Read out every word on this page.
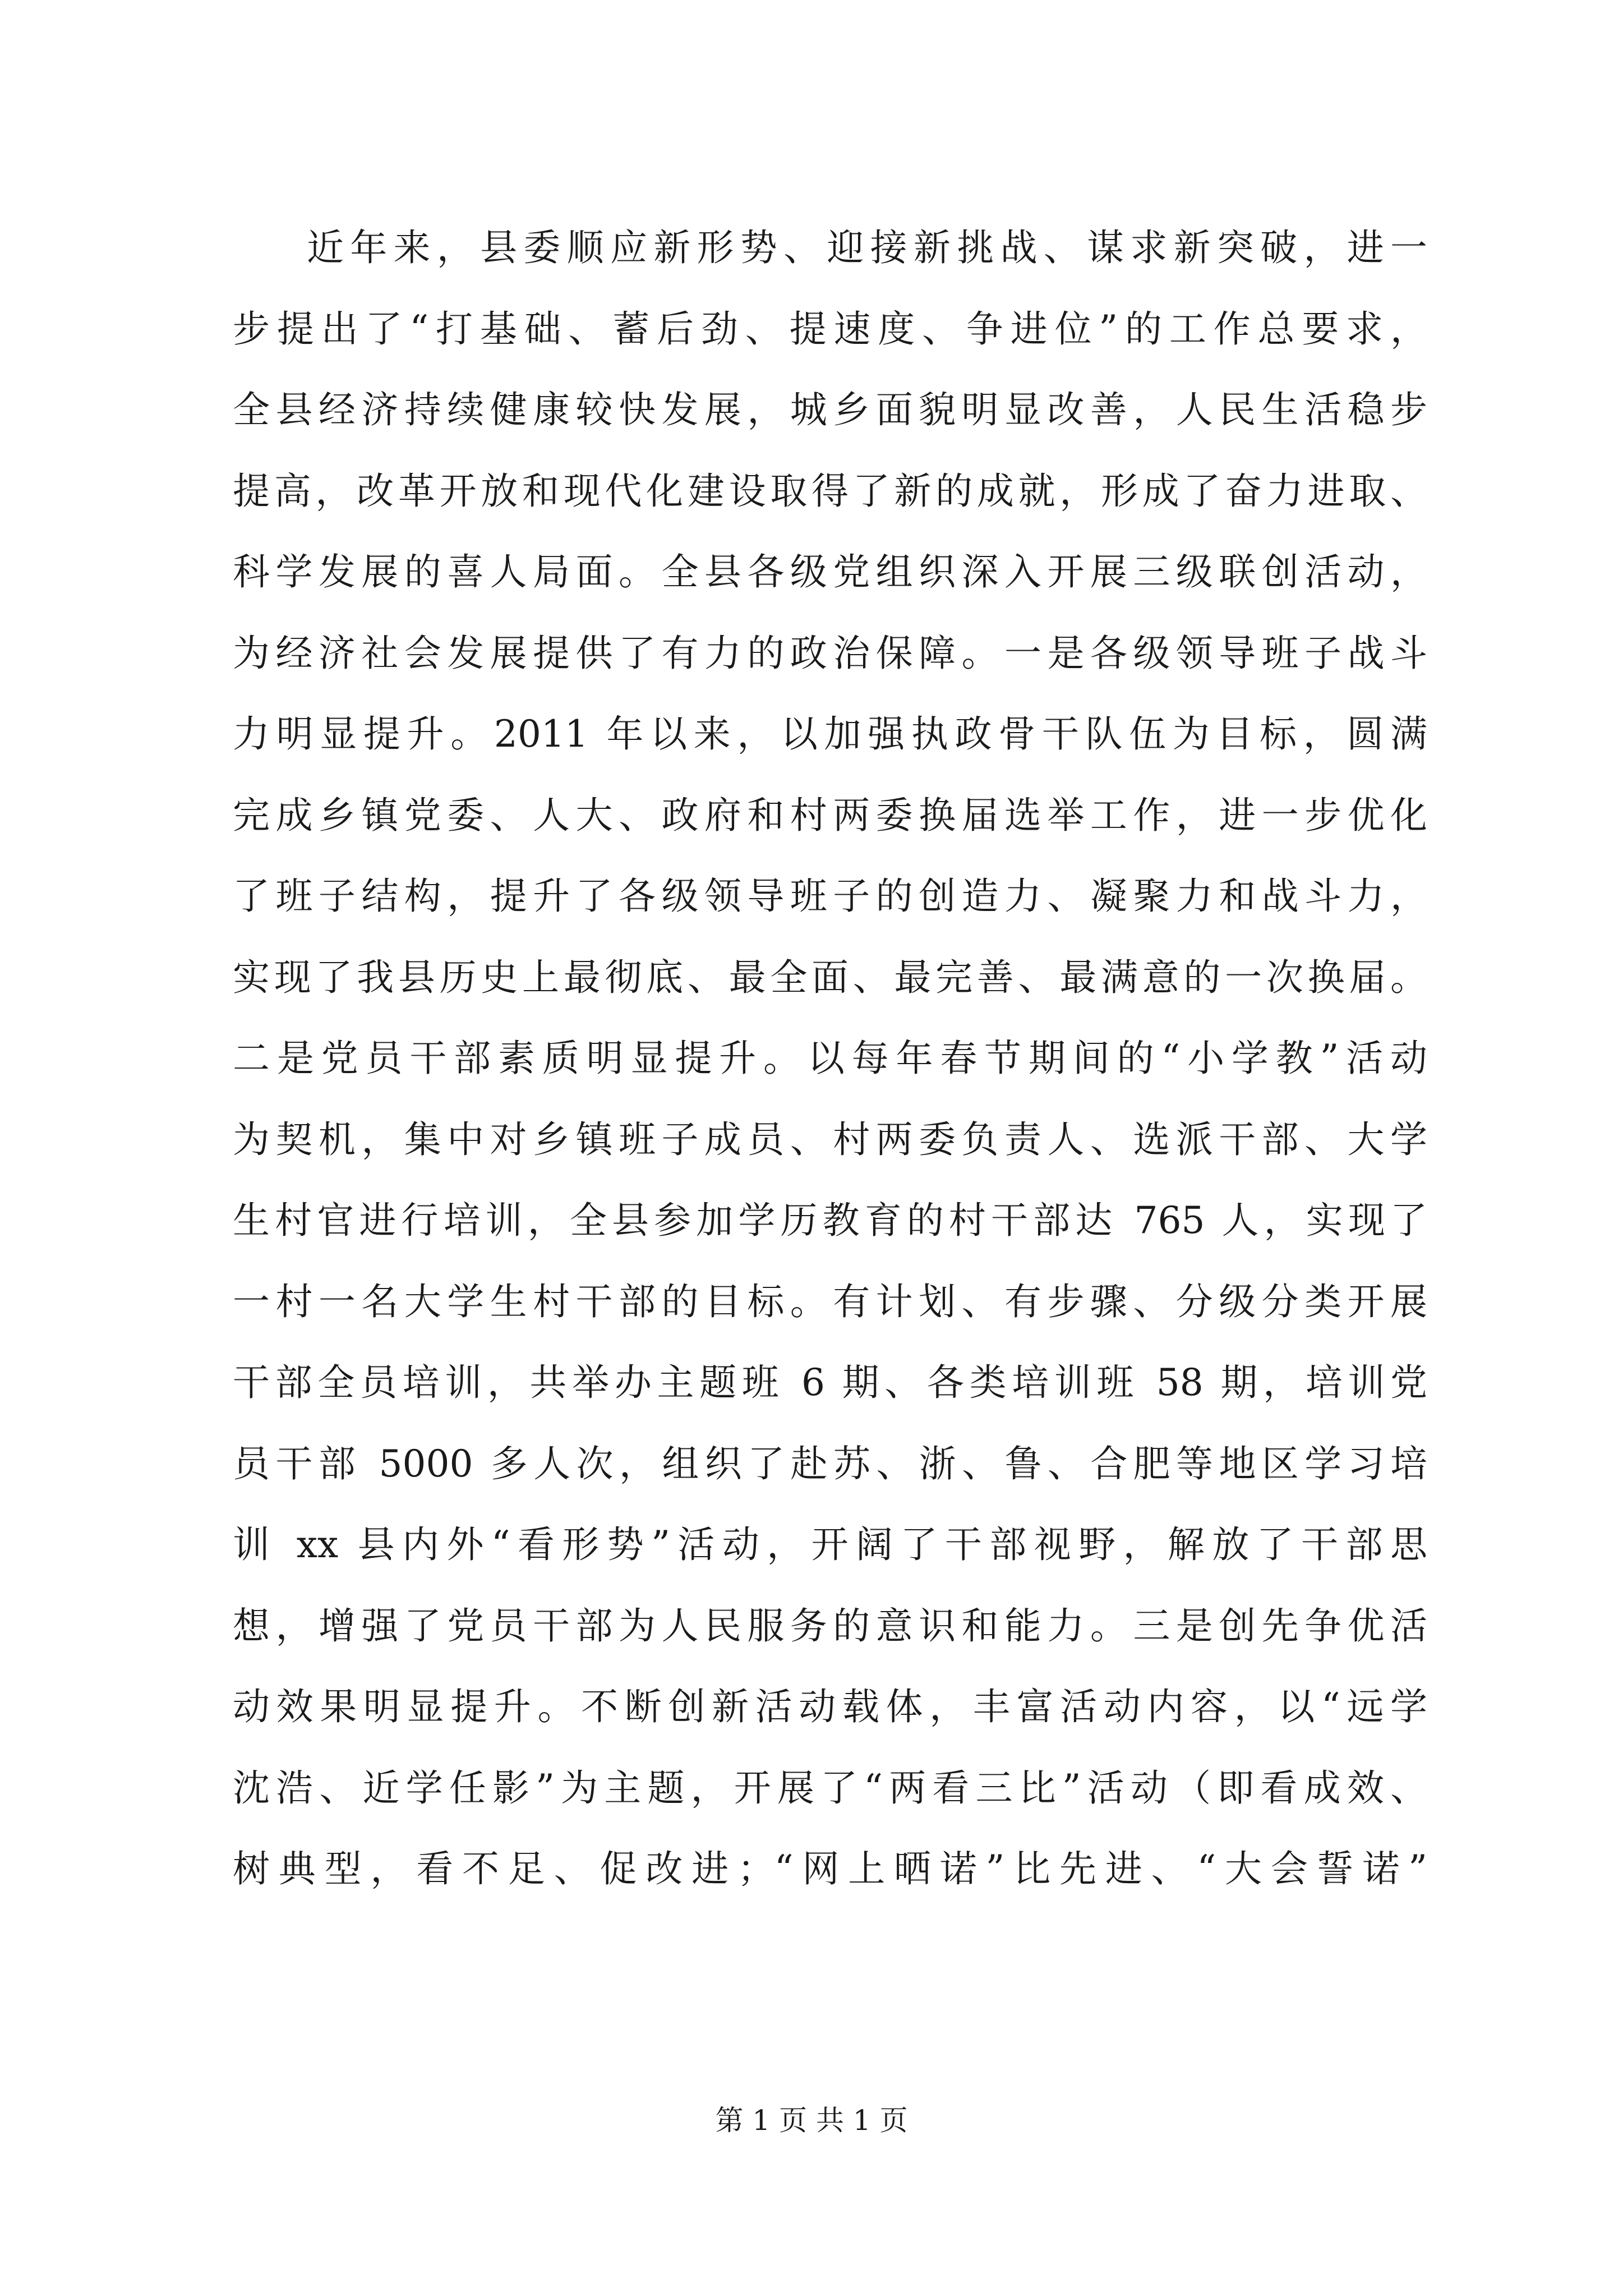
近年来，县委顺应新形势、迎接新挑战、谋求新突破，进一
步提出了“打基础、蓄后劲、提速度、争进位”的工作总要求，
全县经济持续健康较快发展，城乡面貌明显改善，人民生活稳步
提高，改革开放和现代化建设取得了新的成就，形成了奋力进取、
科学发展的喜人局面。全县各级党组织深入开展三级联创活动，
为经济社会发展提供了有力的政治保障。一是各级领导班子战斗
力明显提升。2011 年以来，以加强执政骨干队伍为目标，圆满
完成乡镇党委、人大、政府和村两委换届选举工作，进一步优化
了班子结构，提升了各级领导班子的创造力、凝聚力和战斗力，
实现了我县历史上最彻底、最全面、最完善、最满意的一次换届。
二是党员干部素质明显提升。以每年春节期间的“小学教”活动
为契机，集中对乡镇班子成员、村两委负责人、选派干部、大学
生村官进行培训，全县参加学历教育的村干部达 765 人，实现了
一村一名大学生村干部的目标。有计划、有步骤、分级分类开展
干部全员培训，共举办主题班 6 期、各类培训班 58 期，培训党
员干部 5000 多人次，组织了赴苏、浙、鲁、合肥等地区学习培
训 xx 县内外“看形势”活动，开阔了干部视野，解放了干部思
想，增强了党员干部为人民服务的意识和能力。三是创先争优活
动效果明显提升。不断创新活动载体，丰富活动内容，以“远学
沈浩、近学任影”为主题，开展了“两看三比”活动（即看成效、
树典型，看不足、促改进；“网上晒诺”比先进、“大会誓诺”
第 1 页 共 1 页
